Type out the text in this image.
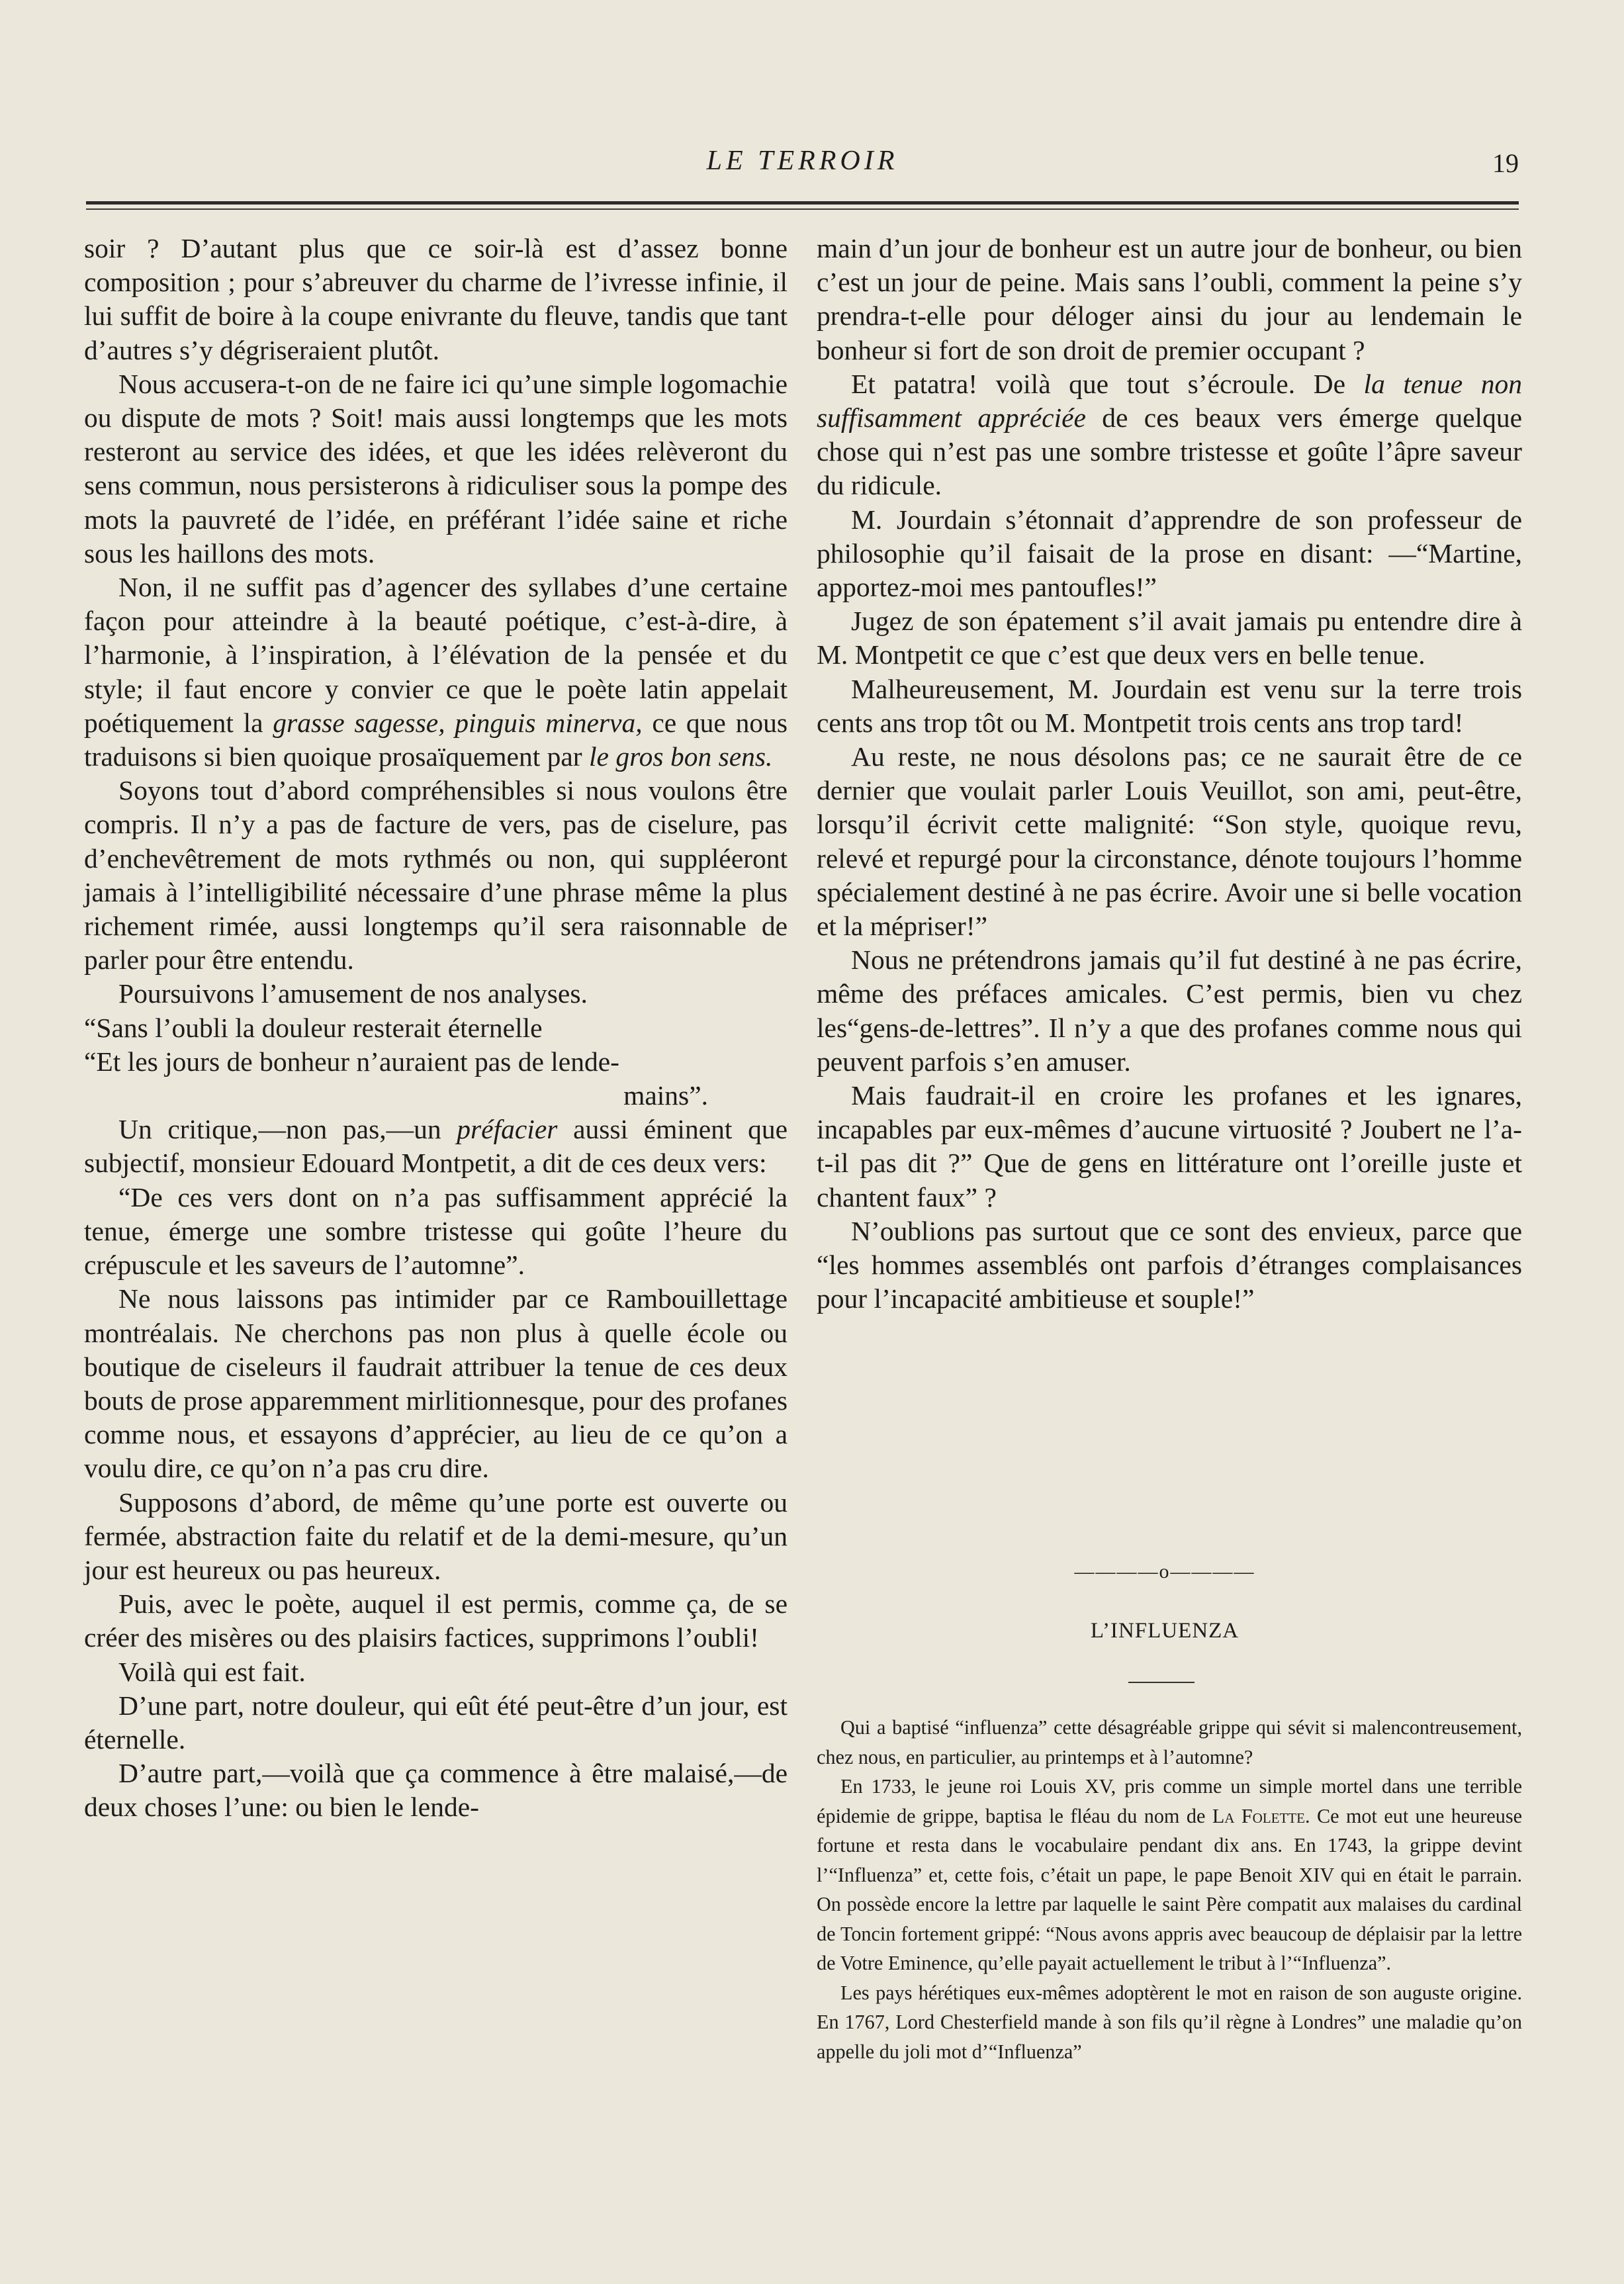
LE TERROIR	19

soir ? D’autant plus que ce soir-là est d’assez bonne composition ; pour s’abreuver du charme de l’ivresse infinie, il lui suffit de boire à la coupe enivrante du fleuve, tandis que tant d’autres s’y dégriseraient plutôt.

Nous accusera-t-on de ne faire ici qu’une simple logomachie ou dispute de mots ? Soit! mais aussi longtemps que les mots resteront au service des idées, et que les idées relèveront du sens commun, nous persisterons à ridiculiser sous la pompe des mots la pauvreté de l’idée, en préférant l’idée saine et riche sous les haillons des mots.

Non, il ne suffit pas d’agencer des syllabes d’une certaine façon pour atteindre à la beauté poétique, c’est-à-dire, à l’harmonie, à l’inspiration, à l’élévation de la pensée et du style; il faut encore y convier ce que le poète latin appelait poétiquement la grasse sagesse, pinguis minerva, ce que nous traduisons si bien quoique prosaïquement par le gros bon sens.

Soyons tout d’abord compréhensibles si nous voulons être compris. Il n’y a pas de facture de vers, pas de ciselure, pas d’enchevêtrement de mots rythmés ou non, qui suppléeront jamais à l’intelligibilité nécessaire d’une phrase même la plus richement rimée, aussi longtemps qu’il sera raisonnable de parler pour être entendu.

Poursuivons l’amusement de nos analyses.

“Sans l’oubli la douleur resterait éternelle

“Et les jours de bonheur n’auraient pas de lende-

mains”.

Un critique,—non pas,—un préfacier aussi éminent que subjectif, monsieur Edouard Montpetit, a dit de ces deux vers:

“De ces vers dont on n’a pas suffisamment apprécié la tenue, émerge une sombre tristesse qui goûte l’heure du crépuscule et les saveurs de l’automne”.

Ne nous laissons pas intimider par ce Rambouillettage montréalais. Ne cherchons pas non plus à quelle école ou boutique de ciseleurs il faudrait attribuer la tenue de ces deux bouts de prose apparemment mirlitionnesque, pour des profanes comme nous, et essayons d’apprécier, au lieu de ce qu’on a voulu dire, ce qu’on n’a pas cru dire.

Supposons d’abord, de même qu’une porte est ouverte ou fermée, abstraction faite du relatif et de la demi-mesure, qu’un jour est heureux ou pas heureux.

Puis, avec le poète, auquel il est permis, comme ça, de se créer des misères ou des plaisirs factices, supprimons l’oubli!

Voilà qui est fait.

D’une part, notre douleur, qui eût été peut-être d’un jour, est éternelle.

D’autre part,—voilà que ça commence à être malaisé,—de deux choses l’une: ou bien le lende-

main d’un jour de bonheur est un autre jour de bonheur, ou bien c’est un jour de peine. Mais sans l’oubli, comment la peine s’y prendra-t-elle pour déloger ainsi du jour au lendemain le bonheur si fort de son droit de premier occupant ?

Et patatra! voilà que tout s’écroule. De la tenue non suffisamment appréciée de ces beaux vers émerge quelque chose qui n’est pas une sombre tristesse et goûte l’âpre saveur du ridicule.

M. Jourdain s’étonnait d’apprendre de son professeur de philosophie qu’il faisait de la prose en disant: —“Martine, apportez-moi mes pantoufles!”

Jugez de son épatement s’il avait jamais pu entendre dire à M. Montpetit ce que c’est que deux vers en belle tenue.

Malheureusement, M. Jourdain est venu sur la terre trois cents ans trop tôt ou M. Montpetit trois cents ans trop tard!

Au reste, ne nous désolons pas; ce ne saurait être de ce dernier que voulait parler Louis Veuillot, son ami, peut-être, lorsqu’il écrivit cette malignité: “Son style, quoique revu, relevé et repurgé pour la circonstance, dénote toujours l’homme spécialement destiné à ne pas écrire. Avoir une si belle vocation et la mépriser!”

Nous ne prétendrons jamais qu’il fut destiné à ne pas écrire, même des préfaces amicales. C’est permis, bien vu chez les“gens-de-lettres”. Il n’y a que des profanes comme nous qui peuvent parfois s’en amuser.

Mais faudrait-il en croire les profanes et les ignares, incapables par eux-mêmes d’aucune virtuosité ? Joubert ne l’a-t-il pas dit ?” Que de gens en littérature ont l’oreille juste et chantent faux” ?

N’oublions pas surtout que ce sont des envieux, parce que “les hommes assemblés ont parfois d’étranges complaisances pour l’incapacité ambitieuse et souple!”

————o————
L’INFLUENZA

Qui a baptisé “influenza” cette désagréable grippe qui sévit si malencontreusement, chez nous, en particulier, au printemps et à l’automne?

En 1733, le jeune roi Louis XV, pris comme un simple mortel dans une terrible épidemie de grippe, baptisa le fléau du nom de La Folette. Ce mot eut une heureuse fortune et resta dans le vocabulaire pendant dix ans. En 1743, la grippe devint l’“Influenza” et, cette fois, c’était un pape, le pape Benoit XIV qui en était le parrain. On possède encore la lettre par laquelle le saint Père compatit aux malaises du cardinal de Toncin fortement grippé: “Nous avons appris avec beaucoup de déplaisir par la lettre de Votre Eminence, qu’elle payait actuellement le tribut à l’“Influenza”.

Les pays hérétiques eux-mêmes adoptèrent le mot en raison de son auguste origine. En 1767, Lord Chesterfield mande à son fils qu’il règne à Londres” une maladie qu’on appelle du joli mot d’“Influenza”
